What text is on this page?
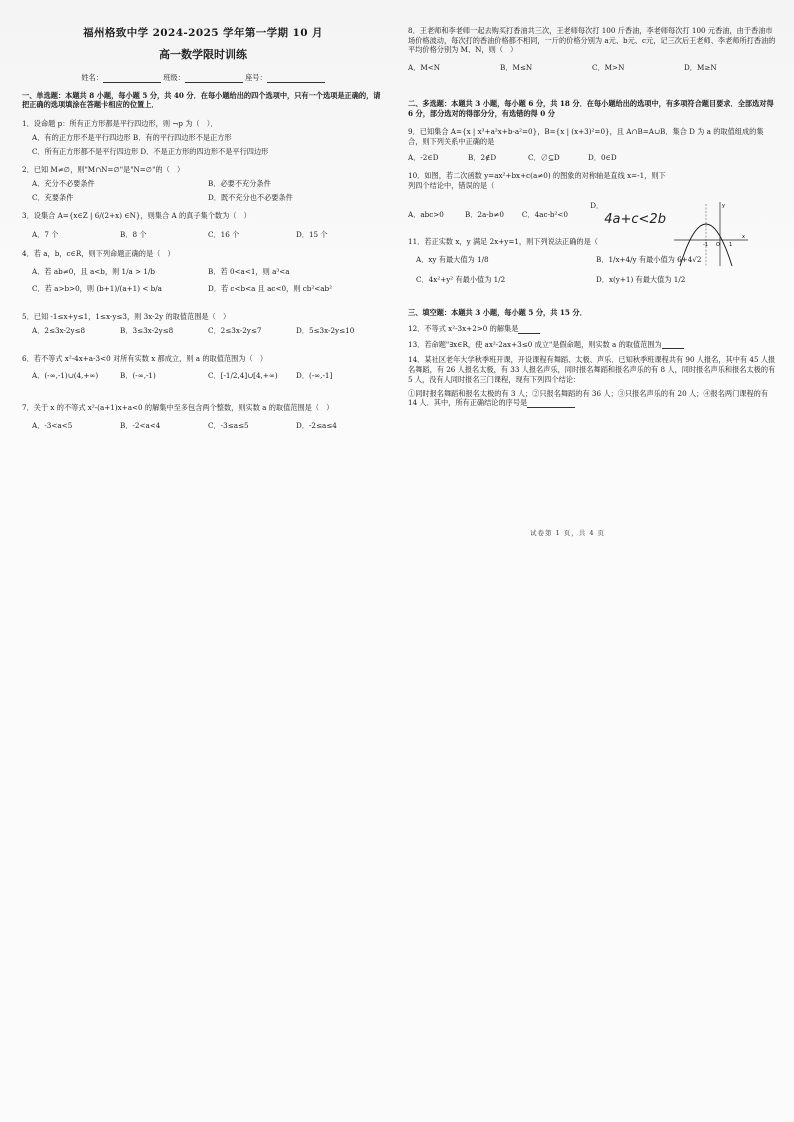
福州格致中学 2024-2025 学年第一学期 10 月
高一数学限时训练
姓名：	班级：	座号：
一、单选题：本题共 8 小题，每小题 5 分，共 40 分．在每小题给出的四个选项中，只有一个选项是正确的，请把正确的选项填涂在答题卡相应的位置上．
1．设命题 p：所有正方形都是平行四边形，则 ¬p 为（　）．
A．有的正方形不是平行四边形 B．有的平行四边形不是正方形
C．所有正方形都不是平行四边形 D．不是正方形的四边形不是平行四边形
2．已知 M≠∅，则"M∩N=∅"是"N=∅"的（　）
A．充分不必要条件	B．必要不充分条件
C．充要条件	D．既不充分也不必要条件
3．设集合 A={x∈Z | 6/(2+x) ∈N}，则集合 A 的真子集个数为（　）
A．7 个	B．8 个	C．16 个	D．15 个
4．若 a，b，c∈R，则下列命题正确的是（　）
A．若 ab≠0，且 a<b，则 1/a > 1/b	B．若 0<a<1，则 a³<a
C．若 a>b>0，则 (b+1)/(a+1) < b/a	D．若 c<b<a 且 ac<0，则 cb²<ab²
5．已知 -1≤x+y≤1，1≤x-y≤3，则 3x-2y 的取值范围是（　）
A．2≤3x-2y≤8	B．3≤3x-2y≤8	C．2≤3x-2y≤7	D．5≤3x-2y≤10
6．若不等式 x²-4x+a-3<0 对所有实数 x 都成立，则 a 的取值范围为（　）
A．(-∞,-1)∪(4,+∞)	B．(-∞,-1)	C．[-1/2,4]∪[4,+∞)	D．(-∞,-1]
7．关于 x 的不等式 x²-(a+1)x+a<0 的解集中至多包含两个整数，则实数 a 的取值范围是（　）
A．-3<a<5	B．-2<a<4	C．-3≤a≤5	D．-2≤a≤4
8．王老师和李老师一起去购买打香油共三次，王老师每次打 100 斤香油，李老师每次打 100 元香油，由于香油市场价格波动，每次打的香油价格都不相同，一斤的价格分别为 a元、b元、c元，记三次后王老师、李老师所打香油的平均价格分别为 M、N，则（　）
A．M<N	B．M≤N	C．M>N	D．M≥N
二、多选题：本题共 3 小题，每小题 6 分，共 18 分．在每小题给出的选项中，有多项符合题目要求．全部选对得 6 分，部分选对的得部分分，有选错的得 0 分
9．已知集合 A={x | x³+a²x+b-a²=0}，B={x | (x+3)²=0}，且 A∩B=A∪B．集合 D 为 a 的取值组成的集合，则下列关系中正确的是
A．-2∈D	B．2∉D	C．∅⊆D	D．0∈D
10．如图，若二次函数 y=ax²+bx+c(a≠0) 的图象的对称轴是直线 x=-1，则下列四个结论中，错误的是（
A．abc>0	B．2a-b≠0	C．4ac-b²<0
D．4a+c<2b
11．若正实数 x，y 满足 2x+y=1，则下列说法正确的是（
A．xy 有最大值为 1/8	B．1/x+4/y 有最小值为 6+4√2
C．4x²+y² 有最小值为 1/2	D．x(y+1) 有最大值为 1/2
三、填空题：本题共 3 小题，每小题 5 分，共 15 分．
12．不等式 x²-3x+2>0 的解集是
13．若命题"∃x∈R，使 ax²-2ax+3≤0 成立"是假命题，则实数 a 的取值范围为
14．某社区老年大学秋季班开课，开设课程有舞蹈、太极、声乐．已知秋季班课程共有 90 人报名，其中有 45 人报名舞蹈，有 26 人报名太极，有 33 人报名声乐，同时报名舞蹈和报名声乐的有 8 人，同时报名声乐和报名太极的有 5 人，没有人同时报名三门课程，现有下列四个结论：
①同时报名舞蹈和报名太极的有 3 人；②只报名舞蹈的有 36 人；③只报名声乐的有 20 人；④报名两门课程的有 14 人．其中，所有正确结论的序号是
-1 O 1
x
y
试卷第 1 页，共 4 页
